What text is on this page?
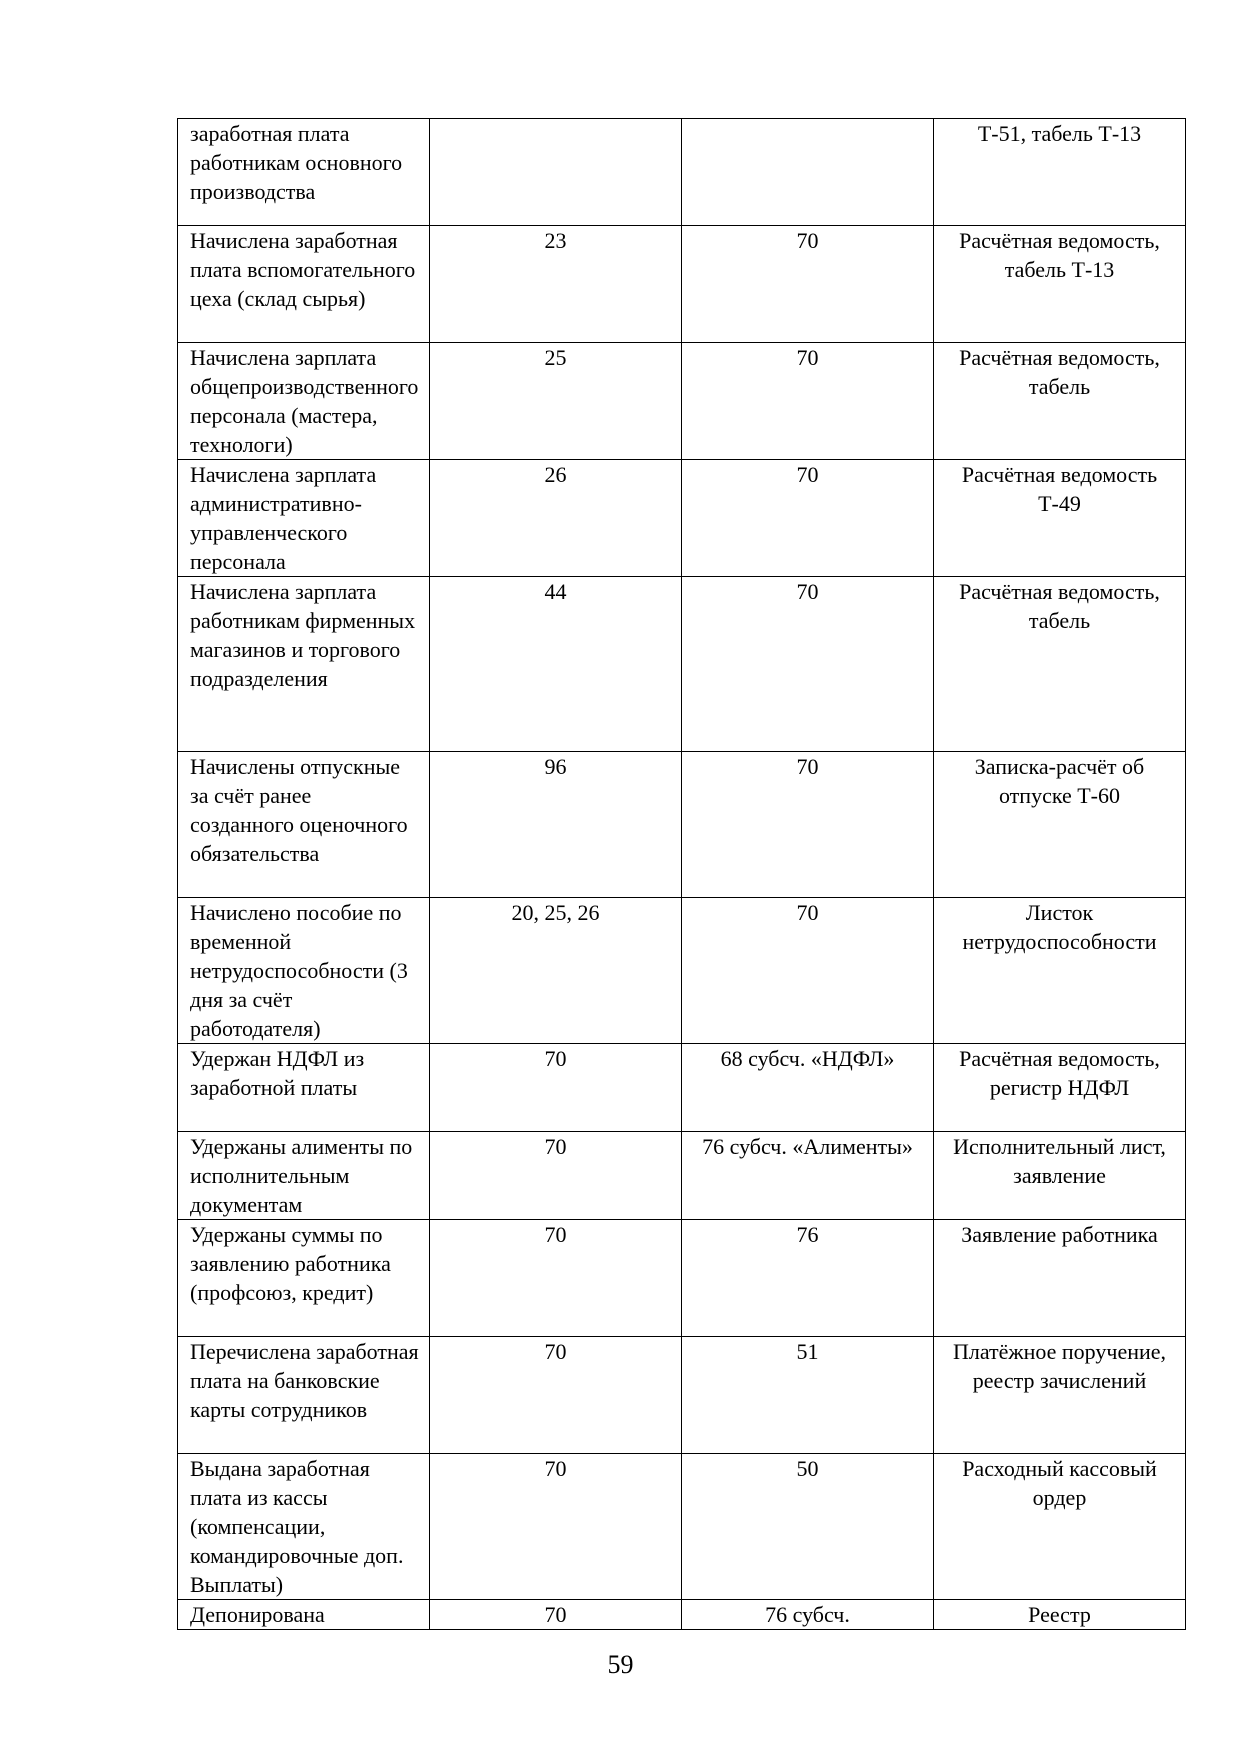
заработная плата работникам основного производства			Т-51, табель Т-13
Начислена заработная плата вспомогательного цеха (склад сырья)	23	70	Расчётная ведомость, табель Т-13
Начислена зарплата общепроизводственного персонала (мастера, технологи)	25	70	Расчётная ведомость, табель
Начислена зарплата административно-управленческого персонала	26	70	Расчётная ведомость Т-49
Начислена зарплата работникам фирменных магазинов и торгового подразделения	44	70	Расчётная ведомость, табель
Начислены отпускные за счёт ранее созданного оценочного обязательства	96	70	Записка-расчёт об отпуске Т-60
Начислено пособие по временной нетрудоспособности (3 дня за счёт работодателя)	20, 25, 26	70	Листок нетрудоспособности
Удержан НДФЛ из заработной платы	70	68 субсч. «НДФЛ»	Расчётная ведомость, регистр НДФЛ
Удержаны алименты по исполнительным документам	70	76 субсч. «Алименты»	Исполнительный лист, заявление
Удержаны суммы по заявлению работника (профсоюз, кредит)	70	76	Заявление работника
Перечислена заработная плата на банковские карты сотрудников	70	51	Платёжное поручение, реестр зачислений
Выдана заработная плата из кассы (компенсации, командировочные доп. Выплаты)	70	50	Расходный кассовый ордер
Депонирована	70	76 субсч.	Реестр
59
